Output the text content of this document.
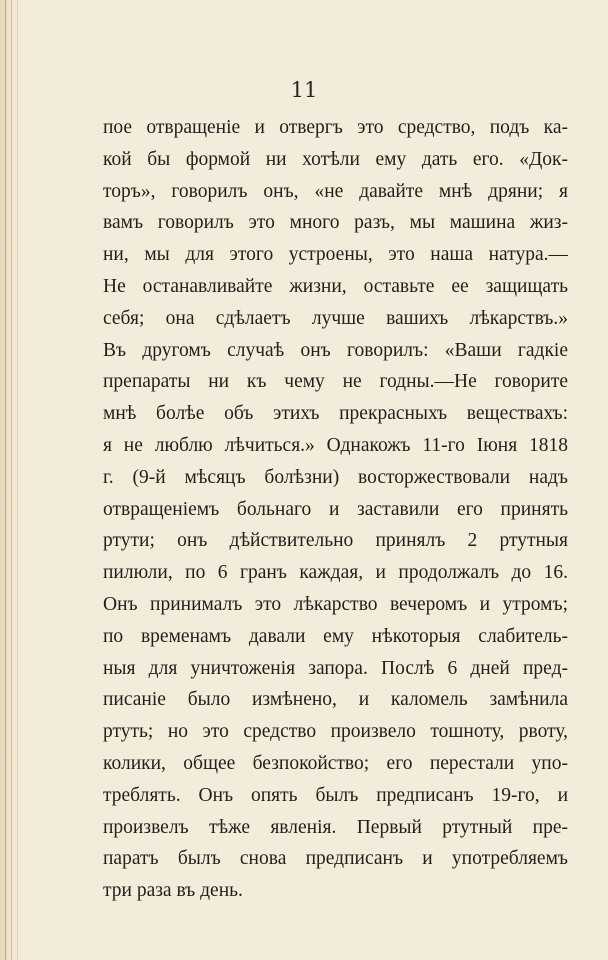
11
пое отвращеніе и отвергъ это средство, подъ ка-
кой бы формой ни хотѣли ему дать его. «Док-
торъ», говорилъ онъ, «не давайте мнѣ дряни; я
вамъ говорилъ это много разъ, мы машина жиз-
ни, мы для этого устроены, это наша натура.—
Не останавливайте жизни, оставьте ее защищать
себя; она сдѣлаетъ лучше вашихъ лѣкарствъ.»
Въ другомъ случаѣ онъ говорилъ: «Ваши гадкіе
препараты ни къ чему не годны.—Не говорите
мнѣ болѣе объ этихъ прекрасныхъ веществахъ:
я не люблю лѣчиться.» Однакожъ 11-го Іюня 1818
г. (9-й мѣсяцъ болѣзни) восторжествовали надъ
отвращеніемъ больнаго и заставили его принять
ртути; онъ дѣйствительно принялъ 2 ртутныя
пилюли, по 6 гранъ каждая, и продолжалъ до 16.
Онъ принималъ это лѣкарство вечеромъ и утромъ;
по временамъ давали ему нѣкоторыя слабитель-
ныя для уничтоженія запора. Послѣ 6 дней пред-
писаніе было измѣнено, и каломель замѣнила
ртуть; но это средство произвело тошноту, рвоту,
колики, общее безпокойство; его перестали упо-
треблять. Онъ опять былъ предписанъ 19-го, и
произвелъ тѣже явленія. Первый ртутный пре-
паратъ былъ снова предписанъ и употребляемъ
три раза въ день.
